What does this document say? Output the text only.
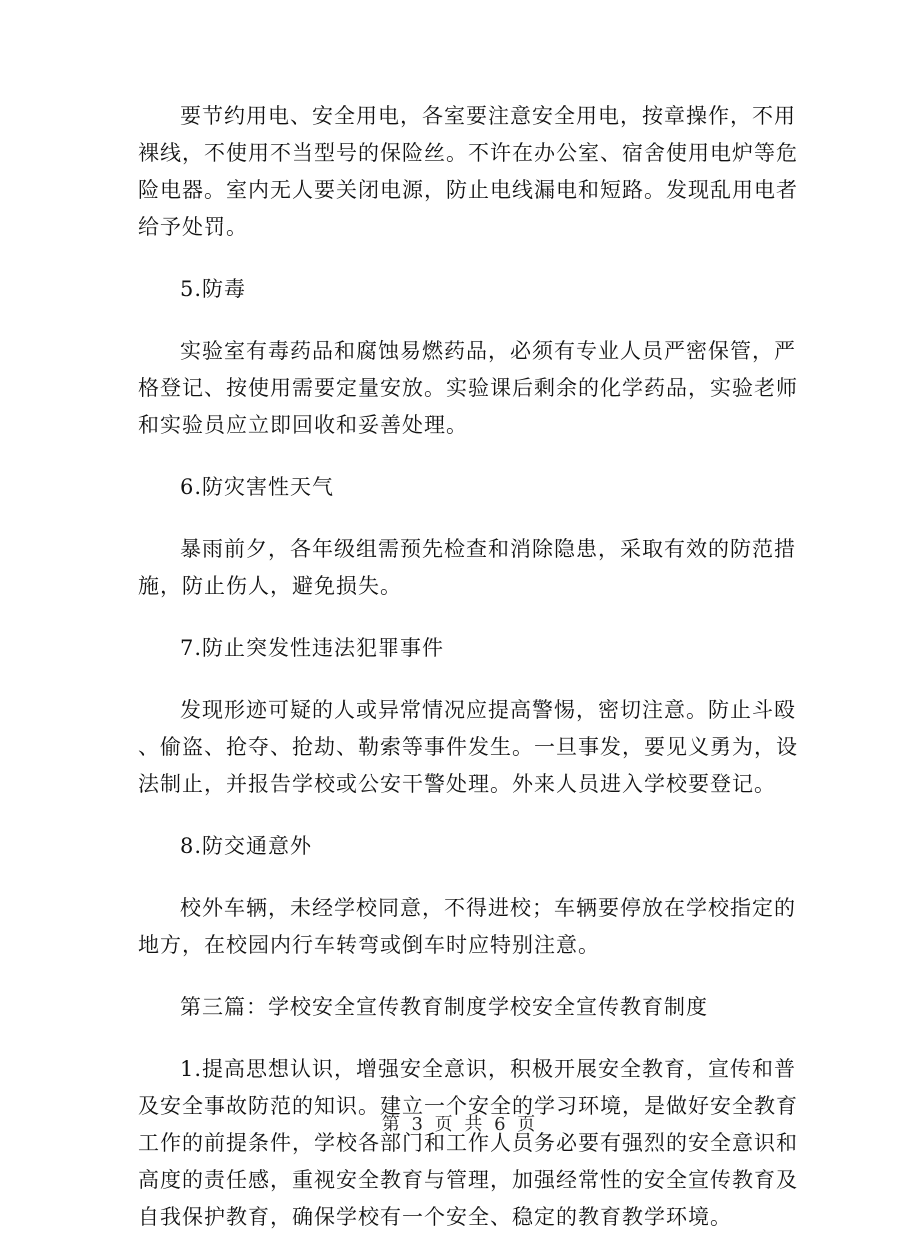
要节约用电、安全用电，各室要注意安全用电，按章操作，不用
裸线，不使用不当型号的保险丝。不许在办公室、宿舍使用电炉等危
险电器。室内无人要关闭电源，防止电线漏电和短路。发现乱用电者
给予处罚。
5.防毒
实验室有毒药品和腐蚀易燃药品，必须有专业人员严密保管，严
格登记、按使用需要定量安放。实验课后剩余的化学药品，实验老师
和实验员应立即回收和妥善处理。
6.防灾害性天气
暴雨前夕，各年级组需预先检查和消除隐患，采取有效的防范措
施，防止伤人，避免损失。
7.防止突发性违法犯罪事件
发现形迹可疑的人或异常情况应提高警惕，密切注意。防止斗殴
、偷盗、抢夺、抢劫、勒索等事件发生。一旦事发，要见义勇为，设
法制止，并报告学校或公安干警处理。外来人员进入学校要登记。
8.防交通意外
校外车辆，未经学校同意，不得进校；车辆要停放在学校指定的
地方，在校园内行车转弯或倒车时应特别注意。
第三篇：学校安全宣传教育制度学校安全宣传教育制度
1.提高思想认识，增强安全意识，积极开展安全教育，宣传和普
及安全事故防范的知识。建立一个安全的学习环境，是做好安全教育
工作的前提条件，学校各部门和工作人员务必要有强烈的安全意识和
高度的责任感，重视安全教育与管理，加强经常性的安全宣传教育及
自我保护教育，确保学校有一个安全、稳定的教育教学环境。
第 3 页 共 6 页
